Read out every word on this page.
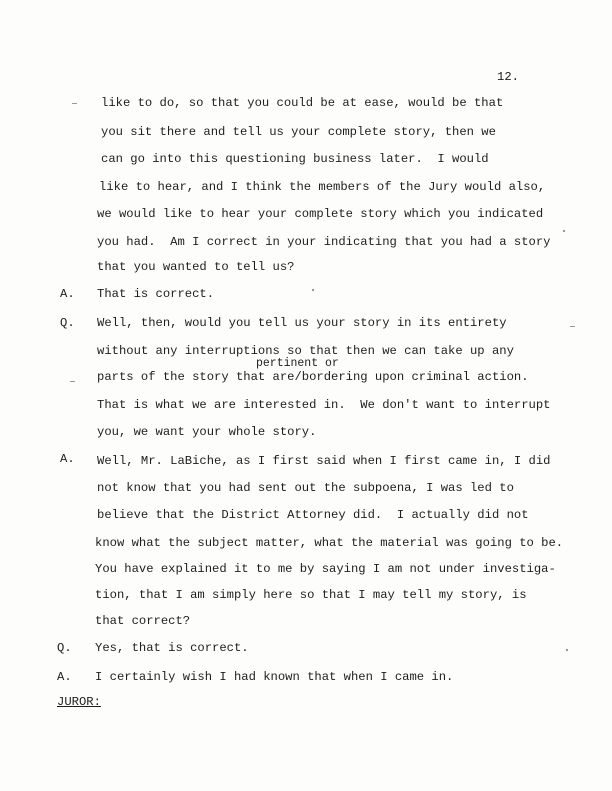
12.
like to do, so that you could be at ease, would be that
you sit there and tell us your complete story, then we
can go into this questioning business later.  I would
like to hear, and I think the members of the Jury would also,
we would like to hear your complete story which you indicated
you had.  Am I correct in your indicating that you had a story
that you wanted to tell us?
A. That is correct.
Q. Well, then, would you tell us your story in its entirety
without any interruptions so that then we can take up any
pertinent or
parts of the story that are/bordering upon criminal action.
That is what we are interested in.  We don't want to interrupt
you, we want your whole story.
A. Well, Mr. LaBiche, as I first said when I first came in, I did
not know that you had sent out the subpoena, I was led to
believe that the District Attorney did.  I actually did not
know what the subject matter, what the material was going to be.
You have explained it to me by saying I am not under investiga-
tion, that I am simply here so that I may tell my story, is
that correct?
Q. Yes, that is correct.
A. I certainly wish I had known that when I came in.
JUROR:
